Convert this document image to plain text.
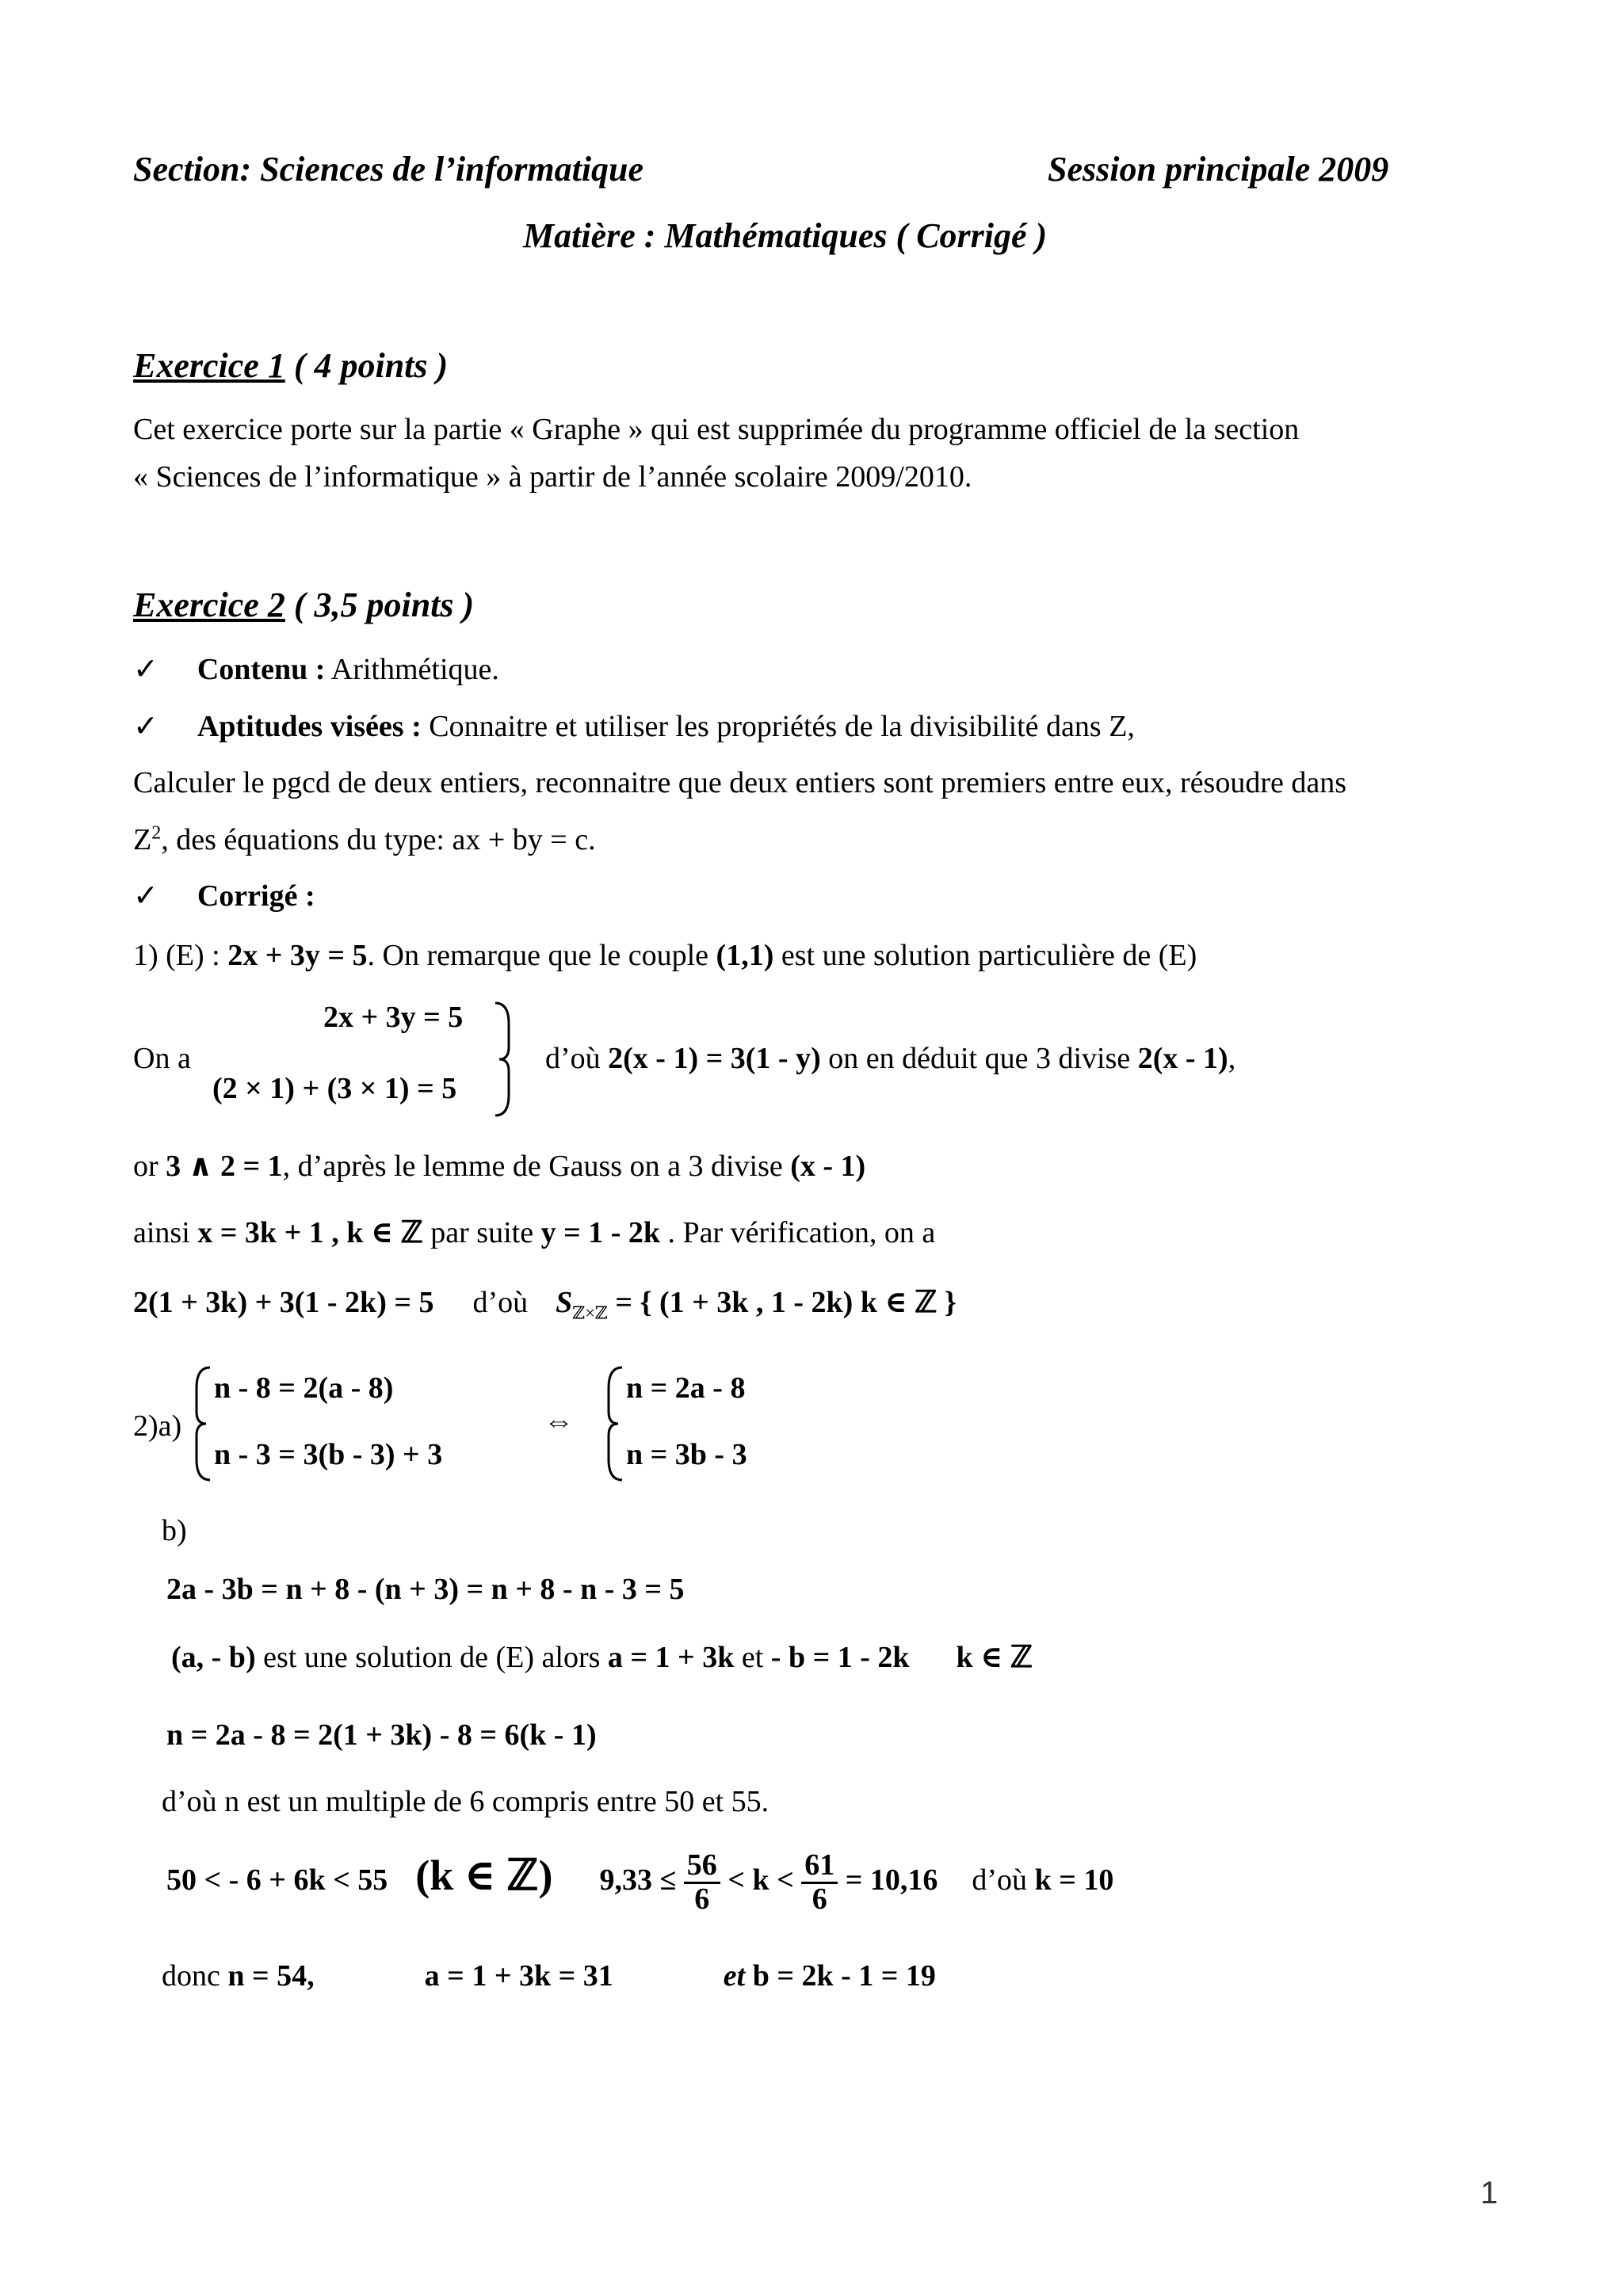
Section: Sciences de l’informatique	Session principale 2009
Matière : Mathématiques ( Corrigé )
Exercice 1 ( 4 points )
Cet exercice porte sur la partie « Graphe » qui est supprimée du programme officiel de la section
« Sciences de l’informatique » à partir de l’année scolaire 2009/2010.
Exercice 2 ( 3,5 points )
✓ Contenu : Arithmétique.
✓ Aptitudes visées : Connaitre et utiliser les propriétés de la divisibilité dans Z,
Calculer le pgcd de deux entiers, reconnaitre que deux entiers sont premiers entre eux, résoudre dans
$Z^2$, des équations du type: ax + by = c.
✓ Corrigé :
1) (E) : 2x + 3y = 5. On remarque que le couple (1,1) est une solution particulière de (E)
On a
2x + 3y = 5
(2 × 1) + (3 × 1) = 5
d’où 2(x - 1) = 3(1 - y) on en déduit que 3 divise 2(x - 1),
or 3 ∧ 2 = 1, d’après le lemme de Gauss on a 3 divise (x - 1)
ainsi x = 3k + 1 , k ∈ ℤ par suite y = 1 - 2k . Par vérification, on a
2(1 + 3k) + 3(1 - 2k) = 5 d’où  $S_{ℤ\times ℤ}$ = { (1 + 3k , 1 - 2k) k ∈ ℤ }
2)a)
n - 8 = 2(a - 8)
n - 3 = 3(b - 3) + 3
⇔
n = 2a - 8
n = 3b - 3
b)
2a - 3b = n + 8 - (n + 3) = n + 8 - n - 3 = 5
(a, - b) est une solution de (E) alors a = 1 + 3k et - b = 1 - 2k k ∈ ℤ
n = 2a - 8 = 2(1 + 3k) - 8 = 6(k - 1)
d’où n est un multiple de 6 compris entre 50 et 55.
50 < - 6 + 6k < 55 (k ∈ ℤ) $9,33 \le \frac{56}{6} < k < \frac{61}{6} = 10,16$ d’où k = 10
donc n = 54,	a = 1 + 3k = 31	et b = 2k - 1 = 19
1
